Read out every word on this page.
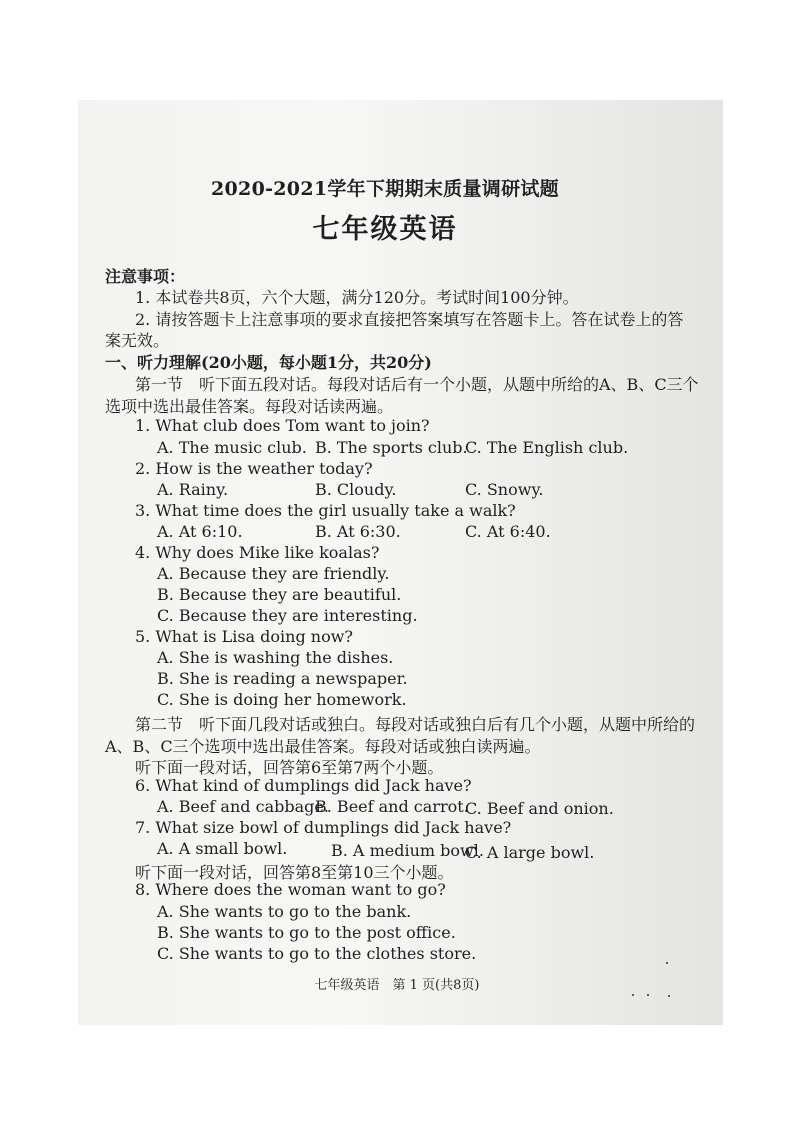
2020-2021学年下期期末质量调研试题
七年级英语
注意事项：
1. 本试卷共8页，六个大题，满分120分。考试时间100分钟。
2. 请按答题卡上注意事项的要求直接把答案填写在答题卡上。答在试卷上的答
案无效。
一、听力理解(20小题，每小题1分，共20分)
第一节　听下面五段对话。每段对话后有一个小题，从题中所给的A、B、C三个
选项中选出最佳答案。每段对话读两遍。
1. What club does Tom want to join?
A. The music club. B. The sports club.
C. The English club.
2. How is the weather today?
A. Rainy.	B. Cloudy.	C. Snowy.
3. What time does the girl usually take a walk?
A. At 6:10.	B. At 6:30.	C. At 6:40.
4. Why does Mike like koalas?
A. Because they are friendly.
B. Because they are beautiful.
C. Because they are interesting.
5. What is Lisa doing now?
A. She is washing the dishes.
B. She is reading a newspaper.
C. She is doing her homework.
第二节　听下面几段对话或独白。每段对话或独白后有几个小题，从题中所给的
A、B、C三个选项中选出最佳答案。每段对话或独白读两遍。
听下面一段对话，回答第6至第7两个小题。
6. What kind of dumplings did Jack have?
A. Beef and cabbage.
B. Beef and carrot.
C. Beef and onion.
7. What size bowl of dumplings did Jack have?
A. A small bowl.	B. A medium bowl.
C. A large bowl.
听下面一段对话，回答第8至第10三个小题。
8. Where does the woman want to go?
A. She wants to go to the bank.
B. She wants to go to the post office.
C. She wants to go to the clothes store.
七年级英语　第 1 页(共8页)
